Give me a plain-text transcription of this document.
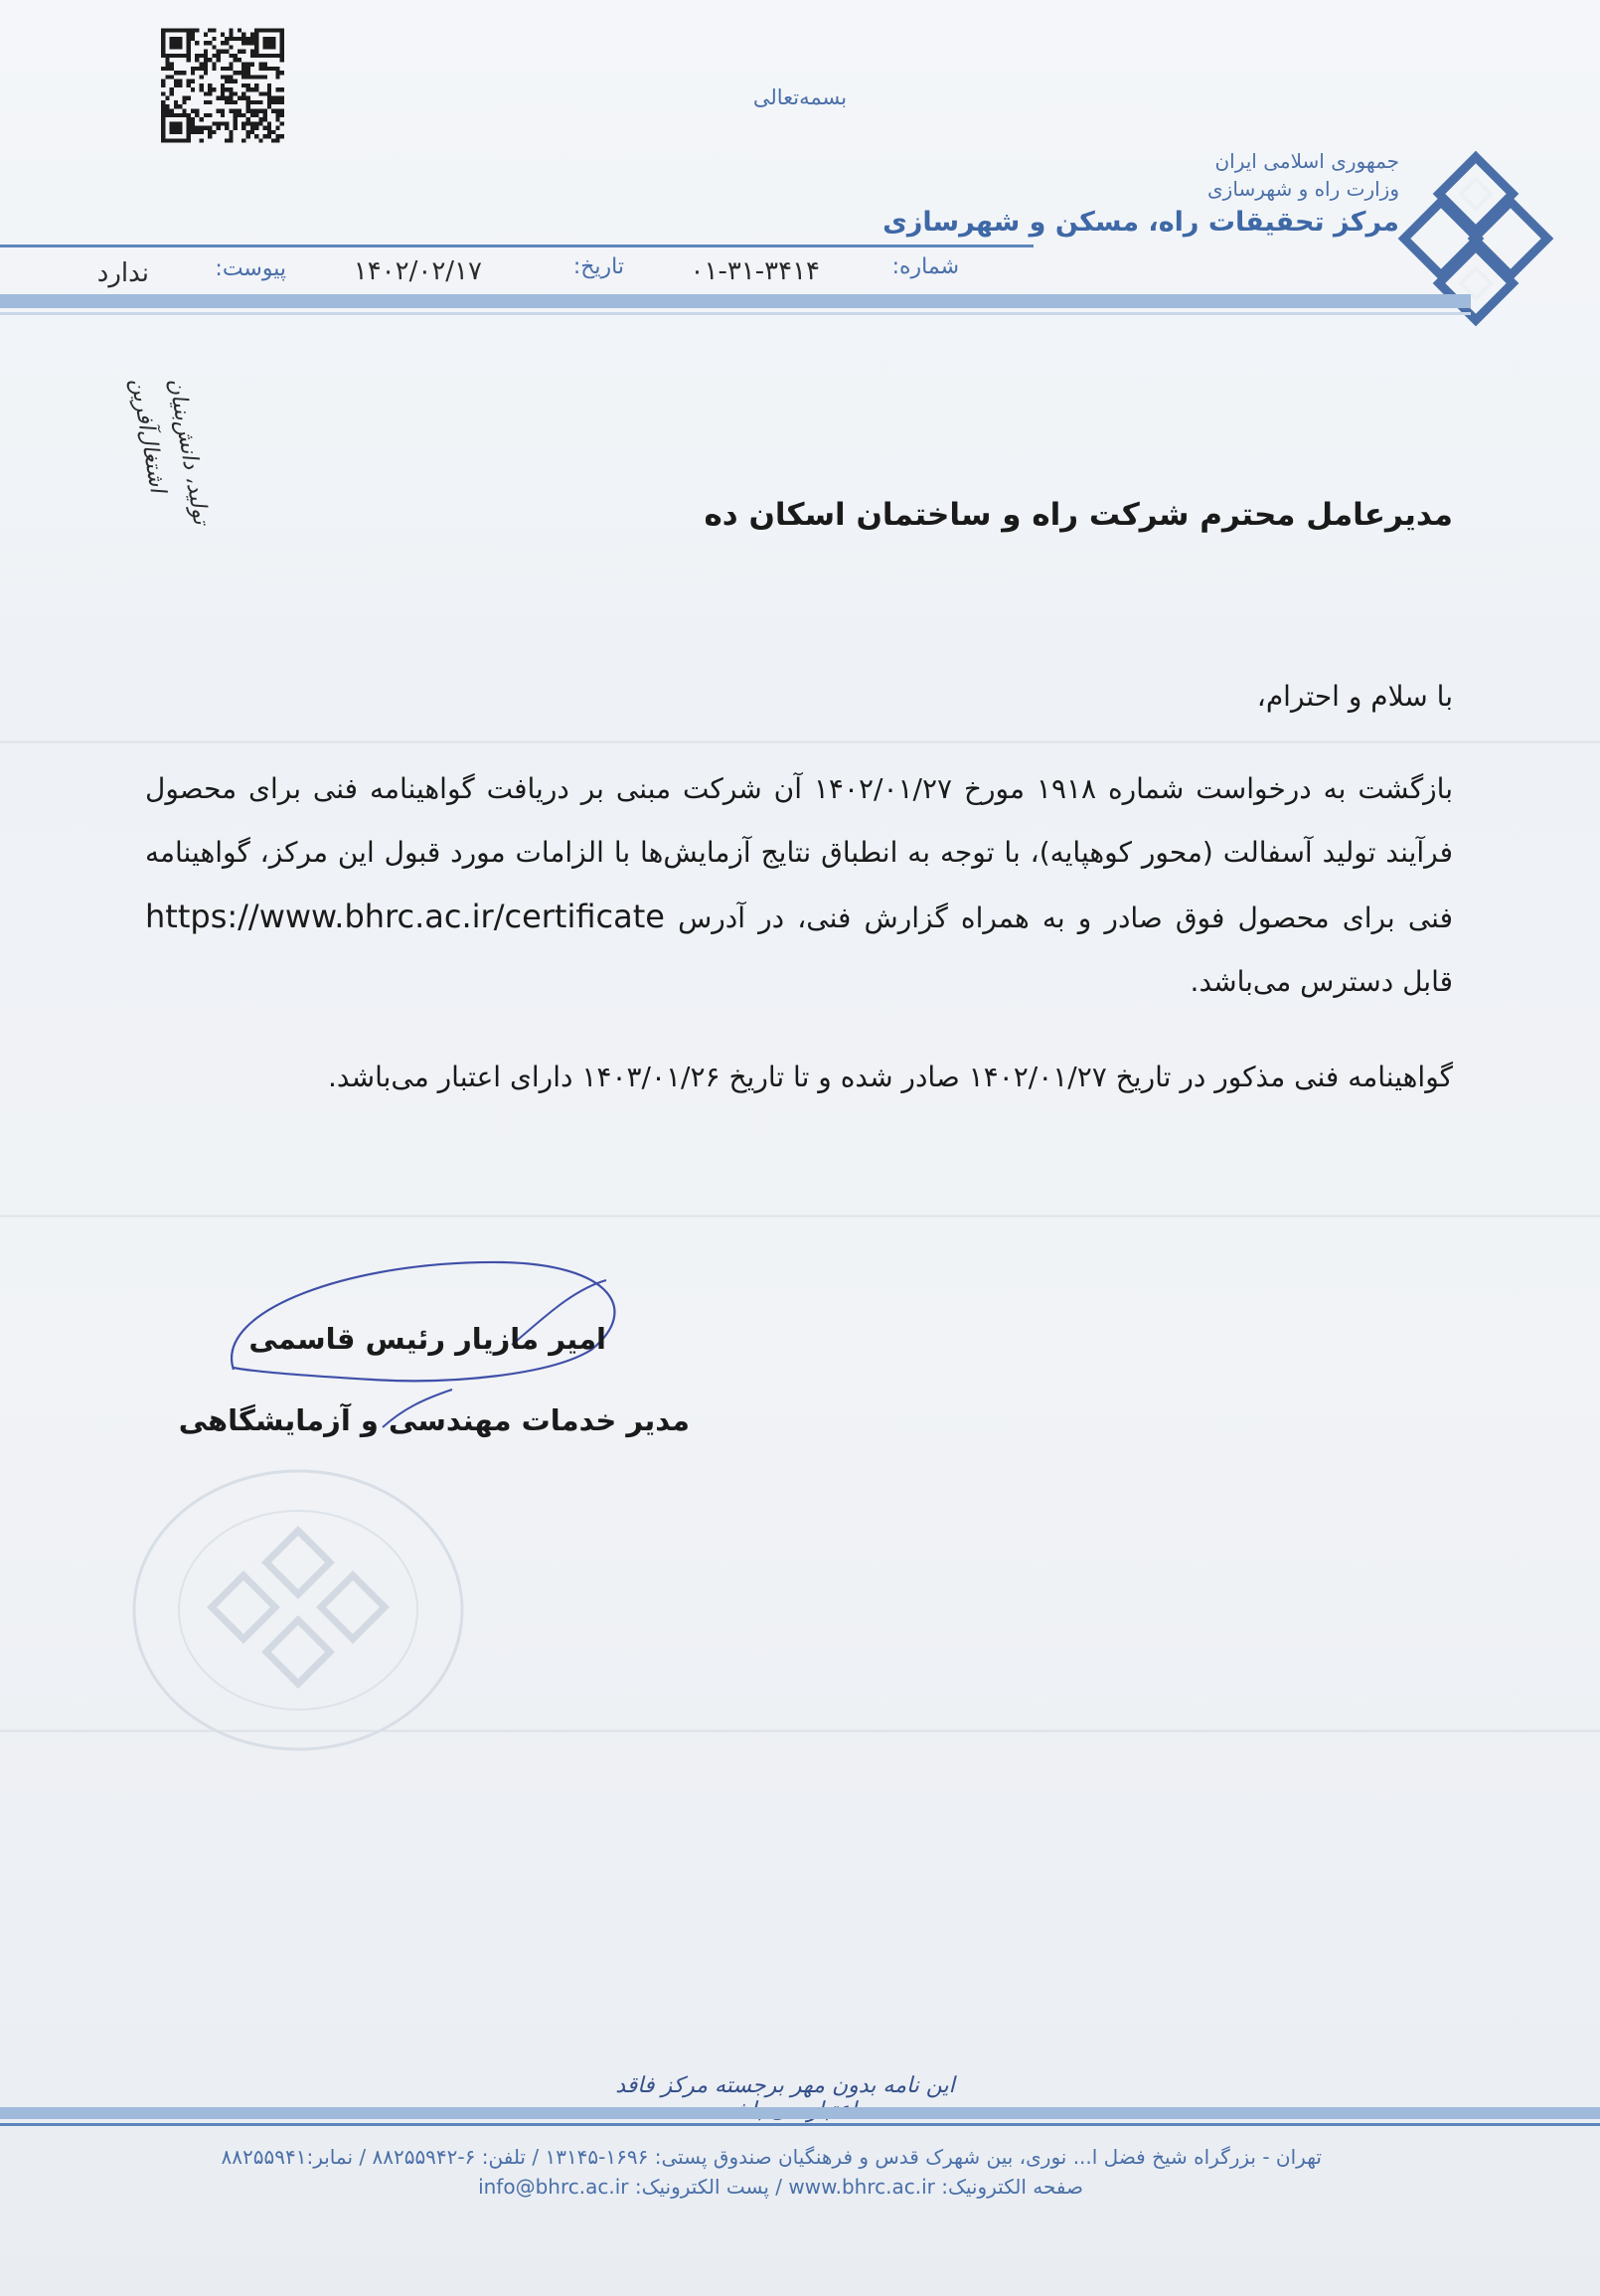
بسمه‌تعالی
جمهوری اسلامی ایران
وزارت راه و شهرسازی
مرکز تحقیقات راه، مسکن و شهرسازی
شماره:
۰۱-۳۱-۳۴۱۴
تاریخ:
۱۴۰۲/۰۲/۱۷
پیوست:
ندارد
تولید، دانش‌بنیان
اشتغال‌آفرین
مدیرعامل محترم شرکت راه و ساختمان اسکان ده
با سلام و احترام،
بازگشت به درخواست شماره ۱۹۱۸ مورخ ۱۴۰۲/۰۱/۲۷ آن شرکت مبنی بر دریافت گواهینامه فنی برای محصول فرآیند تولید آسفالت (محور کوهپایه)، با توجه به انطباق نتایج آزمایش‌ها با الزامات مورد قبول این مرکز، گواهینامه فنی برای محصول فوق صادر و به همراه گزارش فنی، در آدرس https://www.bhrc.ac.ir/certificate قابل دسترس می‌باشد.
گواهینامه فنی مذکور در تاریخ ۱۴۰۲/۰۱/۲۷ صادر شده و تا تاریخ ۱۴۰۳/۰۱/۲۶ دارای اعتبار می‌باشد.
امیر مازیار رئیس قاسمی
مدیر خدمات مهندسی و آزمایشگاهی
این نامه بدون مهر برجسته مرکز فاقد
تهران - بزرگراه شیخ فضل ا... نوری، بین شهرک قدس و فرهنگیان صندوق پستی: ۱۶۹۶-۱۳۱۴۵ / تلفن: ۶-۸۸۲۵۵۹۴۲ / نمابر:۸۸۲۵۵۹۴۱
صفحه الکترونیک: www.bhrc.ac.ir / پست الکترونیک: info@bhrc.ac.ir
